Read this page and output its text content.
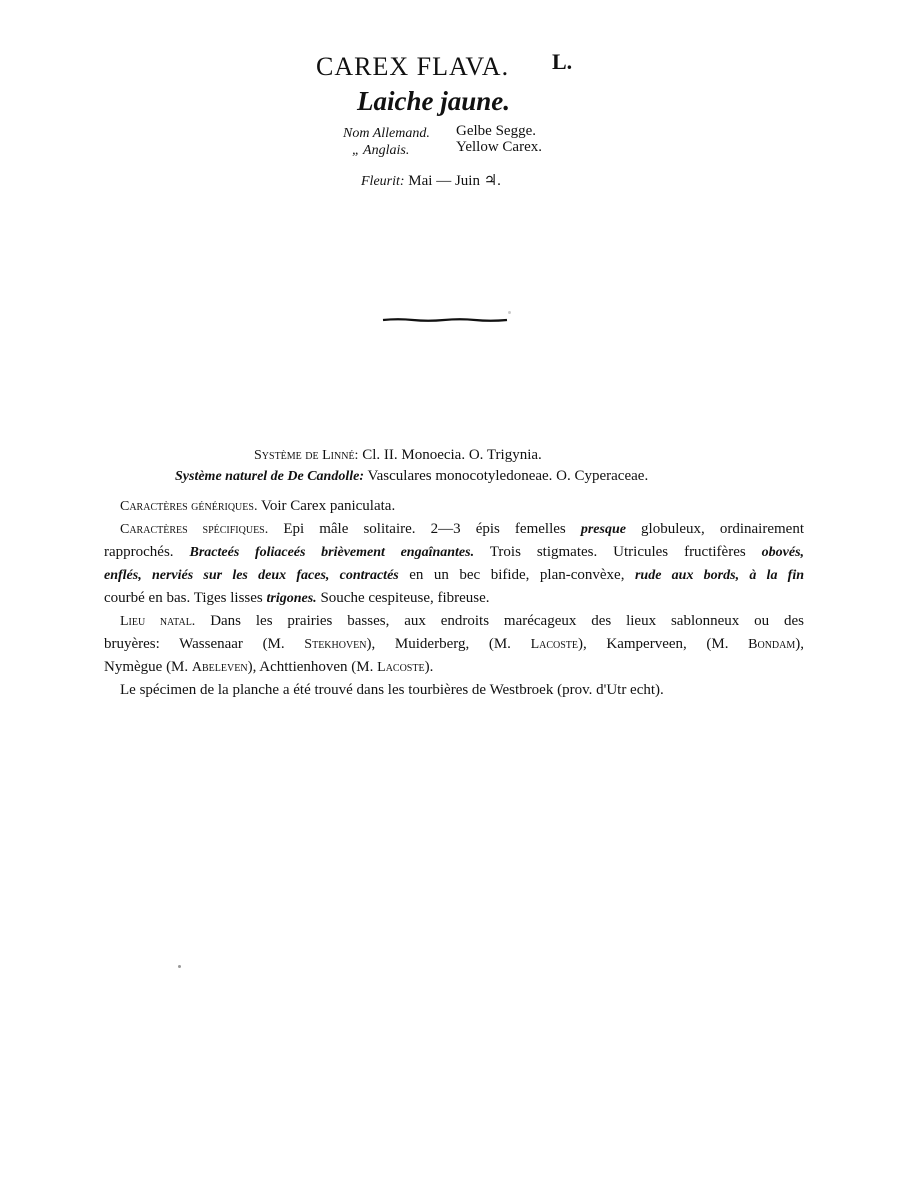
CAREX FLAVA. L.
Laiche jaune.
Nom Allemand. Gelbe Segge.
„ Anglais.	Yellow Carex.
Fleurit: Mai — Juin ♃.
Système de Linné: Cl. II. Monoecia. O. Trigynia.
Système naturel de De Candolle: Vasculares monocotyledoneae. O. Cyperaceae.

Caractères génériques. Voir Carex paniculata.

Caractères spécifiques. Epi mâle solitaire. 2—3 épis femelles presque globuleux, ordinairement
rapprochés. Bracteés foliaceés brièvement engaînantes. Trois stigmates. Utricules fructifères obovés,
enflés, nerviés sur les deux faces, contractés en un bec bifide, plan-convèxe, rude aux bords, à la fin
courbé en bas. Tiges lisses trigones. Souche cespiteuse, fibreuse.

Lieu natal. Dans les prairies basses, aux endroits marécageux des lieux sablonneux ou des
bruyères: Wassenaar (M. Stekhoven), Muiderberg, (M. Lacoste), Kamperveen, (M. Bondam),
Nymègue (M. Abeleven), Achttienhoven (M. Lacoste).

Le spécimen de la planche a été trouvé dans les tourbières de Westbroek (prov. d'Utr echt).
